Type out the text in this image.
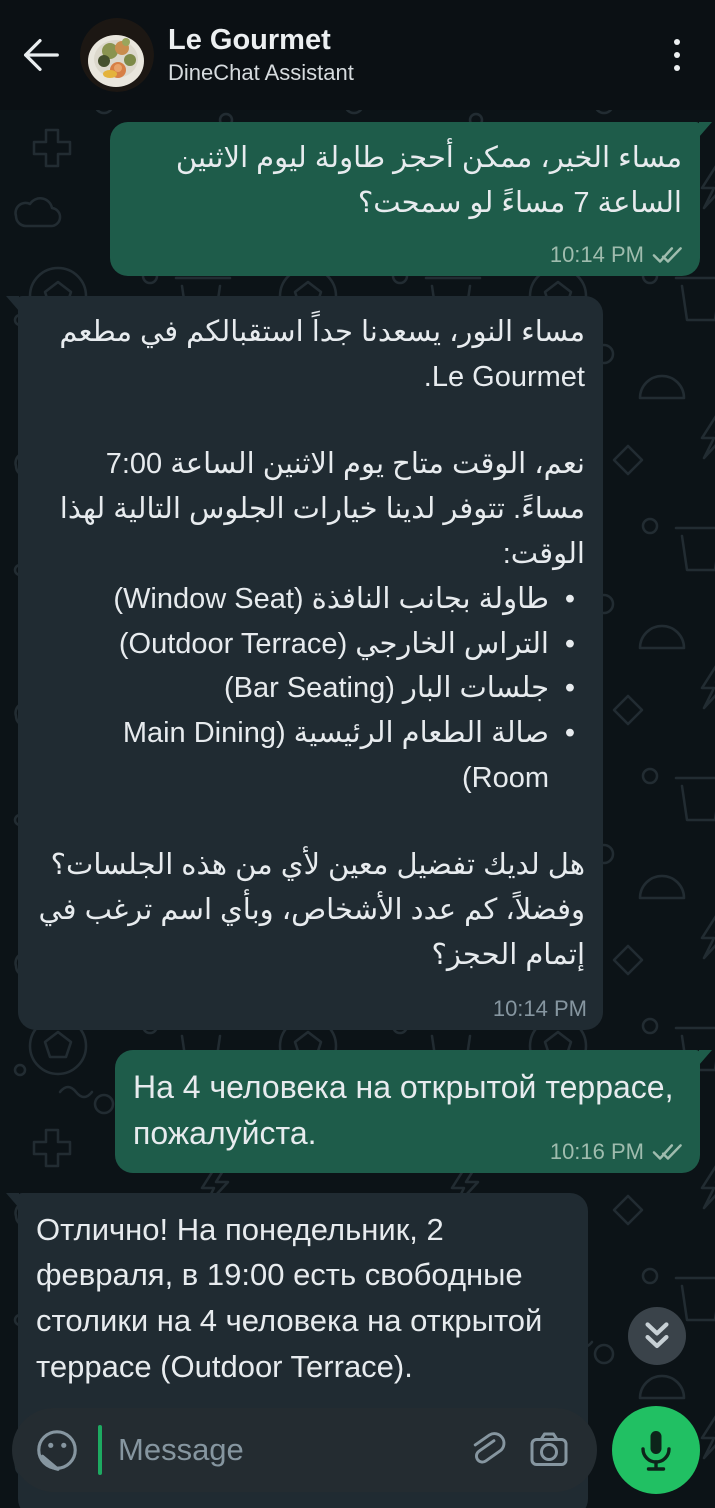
Le Gourmet
DineChat Assistant
مساء الخير، ممكن أحجز طاولة ليوم الاثنين الساعة 7 مساءً لو سمحت؟
10:14 PM
مساء النور، يسعدنا جداً استقبالكم في مطعم Le Gourmet.
نعم، الوقت متاح يوم الاثنين الساعة 7:00 مساءً. تتوفر لدينا خيارات الجلوس التالية لهذا الوقت:
• طاولة بجانب النافذة (Window Seat)
• التراس الخارجي (Outdoor Terrace)
• جلسات البار (Bar Seating)
• صالة الطعام الرئيسية (Main Dining Room)
هل لديك تفضيل معين لأي من هذه الجلسات؟ وفضلاً، كم عدد الأشخاص، وبأي اسم ترغب في إتمام الحجز؟
10:14 PM
На 4 человека на открытой террасе, пожалуйста.	10:16 PM
Отлично! На понедельник, 2 февраля, в 19:00 есть свободные столики на 4 человека на открытой террасе (Outdoor Terrace).
Message
